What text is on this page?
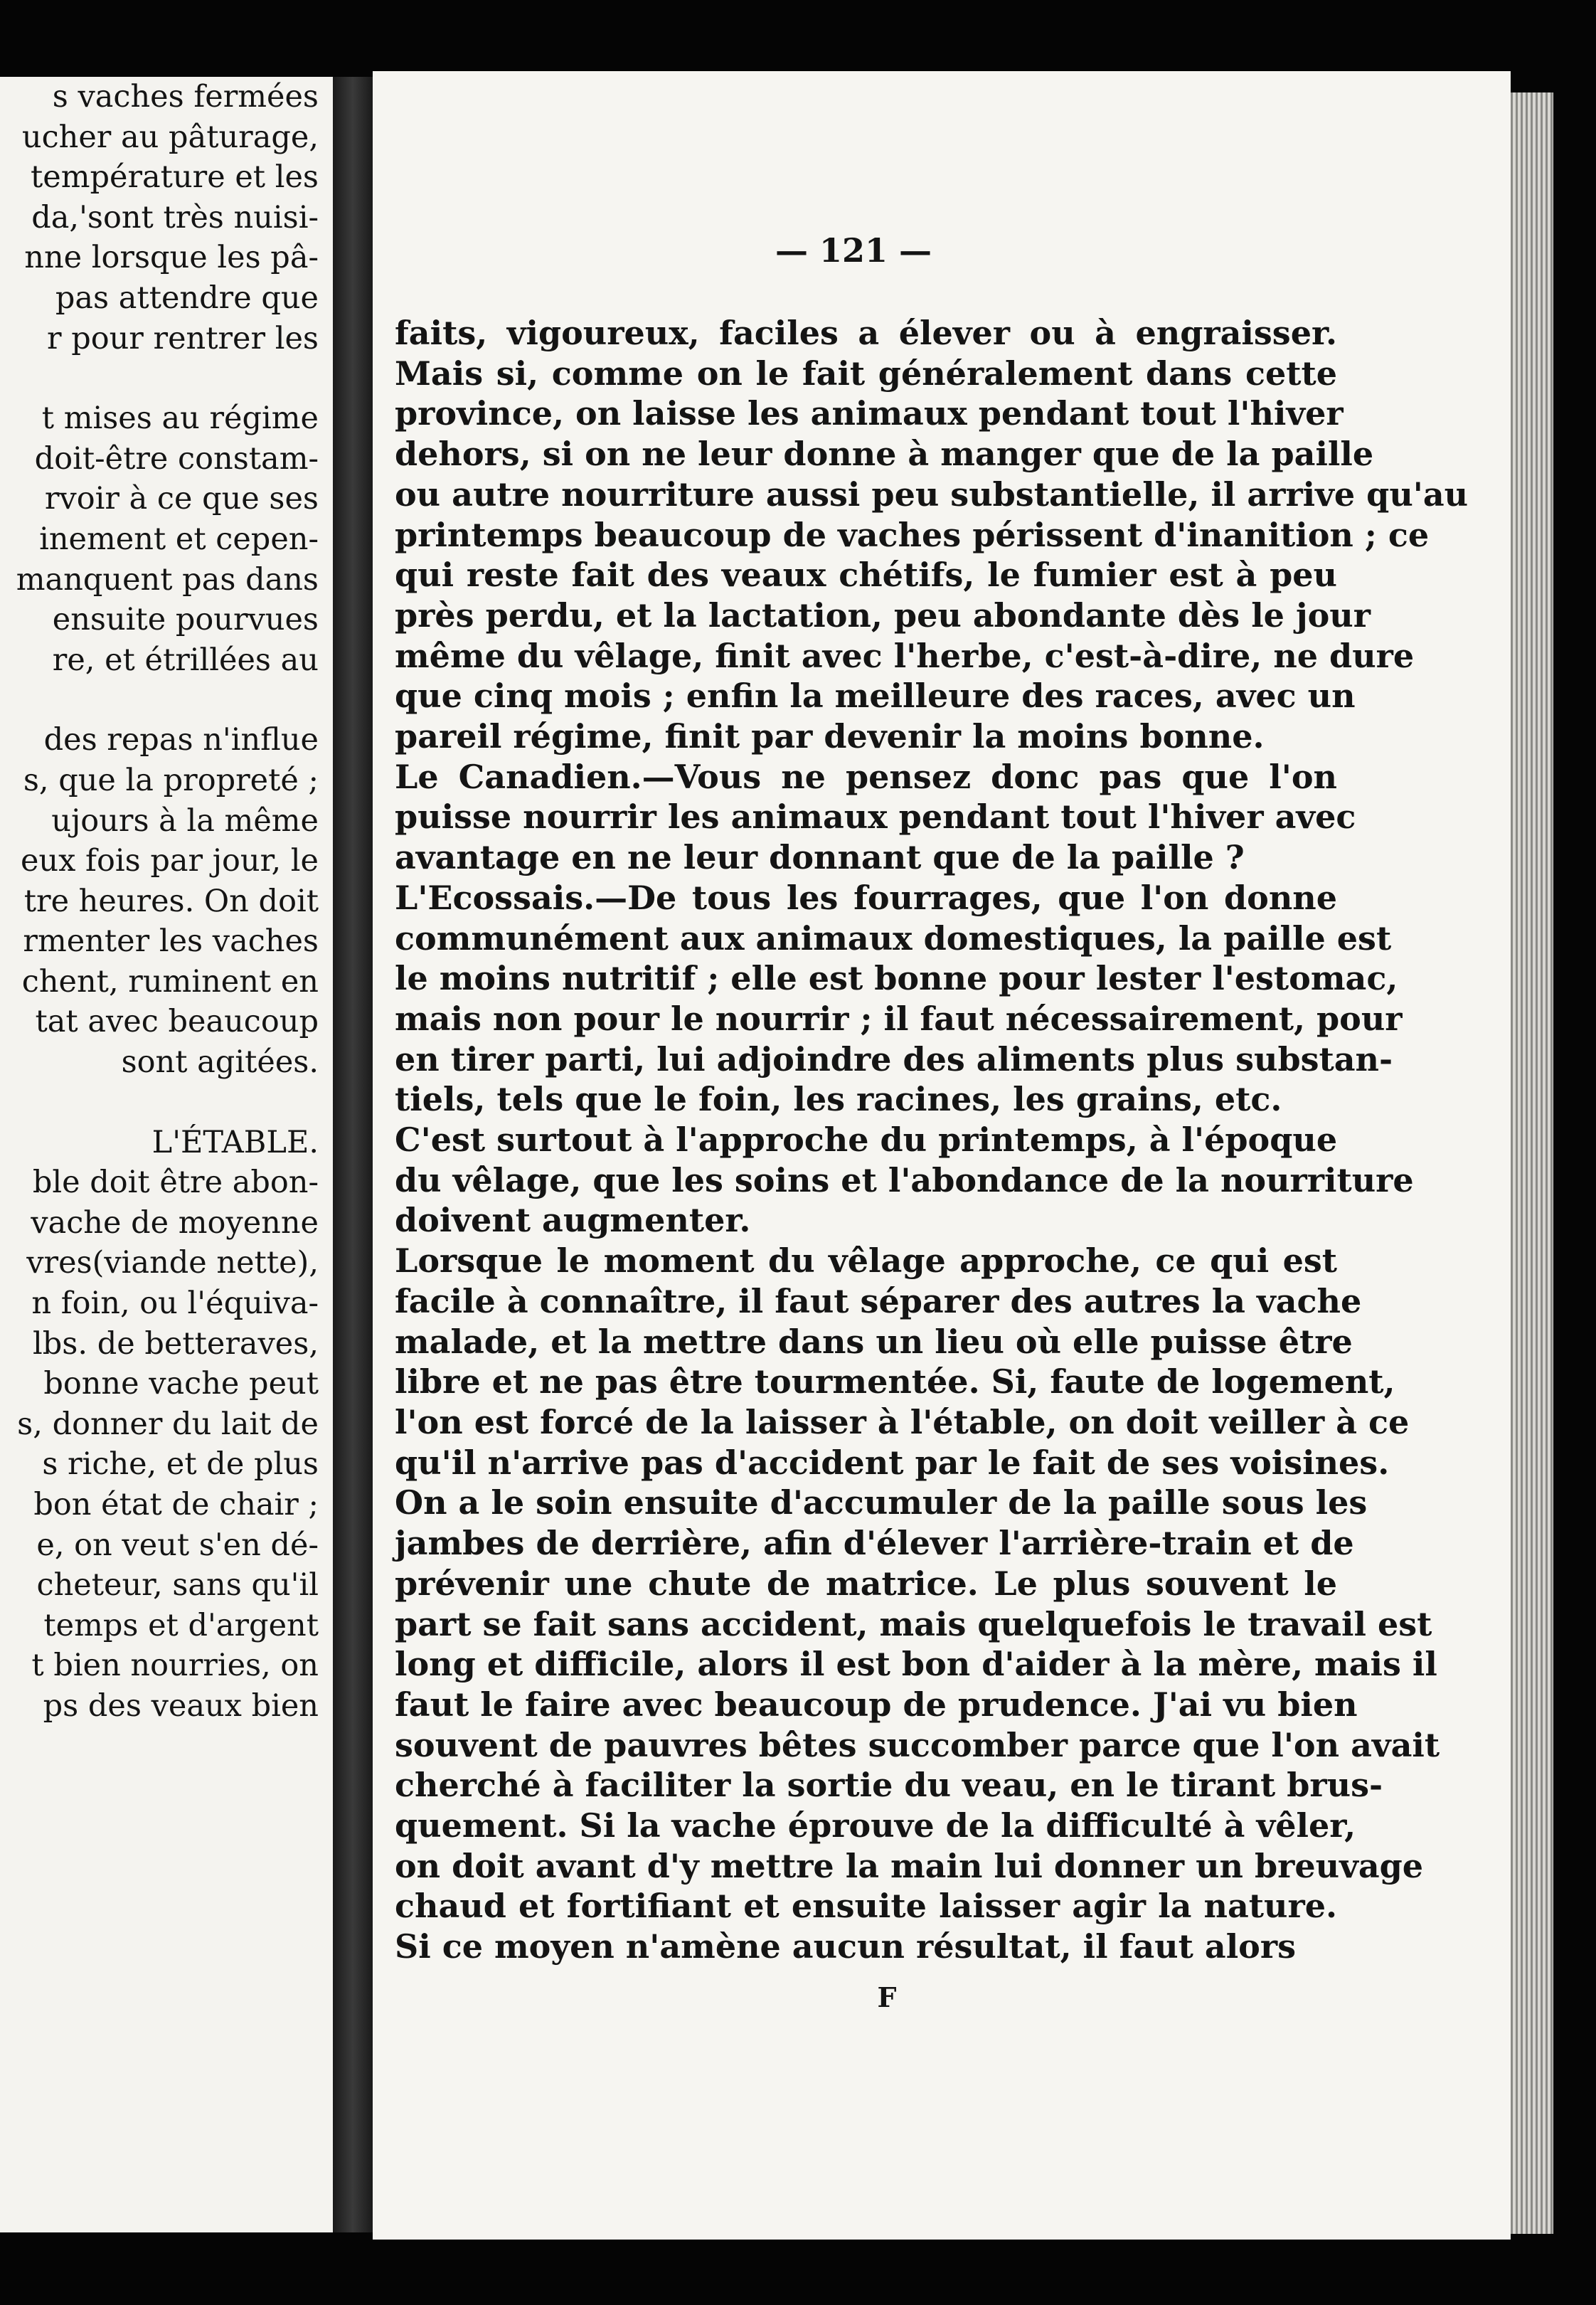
s vaches fermées
ucher au pâturage,
température et les
da,'sont très nuisi-
nne lorsque les pâ-
pas attendre que
r pour rentrer les
t mises au régime
doit-être constam-
rvoir à ce que ses
inement et cepen-
manquent pas dans
ensuite pourvues
re, et étrillées au
des repas n'influe
s, que la propreté ;
ujours à la même
eux fois par jour, le
tre heures. On doit
rmenter les vaches
chent, ruminent en
tat avec beaucoup
sont agitées.
L'ÉTABLE.
ble doit être abon-
vache de moyenne
vres(viande nette),
n foin, ou l'équiva-
lbs. de betteraves,
bonne vache peut
s, donner du lait de
s riche, et de plus
bon état de chair ;
e, on veut s'en dé-
cheteur, sans qu'il
temps et d'argent
t bien nourries, on
ps des veaux bien
— 121 —
faits, vigoureux, faciles a élever ou à engraisser.
Mais si, comme on le fait généralement dans cette
province, on laisse les animaux pendant tout l'hiver
dehors, si on ne leur donne à manger que de la paille
ou autre nourriture aussi peu substantielle, il arrive qu'au
printemps beaucoup de vaches périssent d'inanition ; ce
qui reste fait des veaux chétifs, le fumier est à peu
près perdu, et la lactation, peu abondante dès le jour
même du vêlage, finit avec l'herbe, c'est-à-dire, ne dure
que cinq mois ; enfin la meilleure des races, avec un
pareil régime, finit par devenir la moins bonne.
Le Canadien.—Vous ne pensez donc pas que l'on
puisse nourrir les animaux pendant tout l'hiver avec
avantage en ne leur donnant que de la paille ?
L'Ecossais.—De tous les fourrages, que l'on donne
communément aux animaux domestiques, la paille est
le moins nutritif ; elle est bonne pour lester l'estomac,
mais non pour le nourrir ; il faut nécessairement, pour
en tirer parti, lui adjoindre des aliments plus substan-
tiels, tels que le foin, les racines, les grains, etc.
C'est surtout à l'approche du printemps, à l'époque
du vêlage, que les soins et l'abondance de la nourriture
doivent augmenter.
Lorsque le moment du vêlage approche, ce qui est
facile à connaître, il faut séparer des autres la vache
malade, et la mettre dans un lieu où elle puisse être
libre et ne pas être tourmentée. Si, faute de logement,
l'on est forcé de la laisser à l'étable, on doit veiller à ce
qu'il n'arrive pas d'accident par le fait de ses voisines.
On a le soin ensuite d'accumuler de la paille sous les
jambes de derrière, afin d'élever l'arrière-train et de
prévenir une chute de matrice. Le plus souvent le
part se fait sans accident, mais quelquefois le travail est
long et difficile, alors il est bon d'aider à la mère, mais il
faut le faire avec beaucoup de prudence. J'ai vu bien
souvent de pauvres bêtes succomber parce que l'on avait
cherché à faciliter la sortie du veau, en le tirant brus-
quement. Si la vache éprouve de la difficulté à vêler,
on doit avant d'y mettre la main lui donner un breuvage
chaud et fortifiant et ensuite laisser agir la nature.
Si ce moyen n'amène aucun résultat, il faut alors
F
